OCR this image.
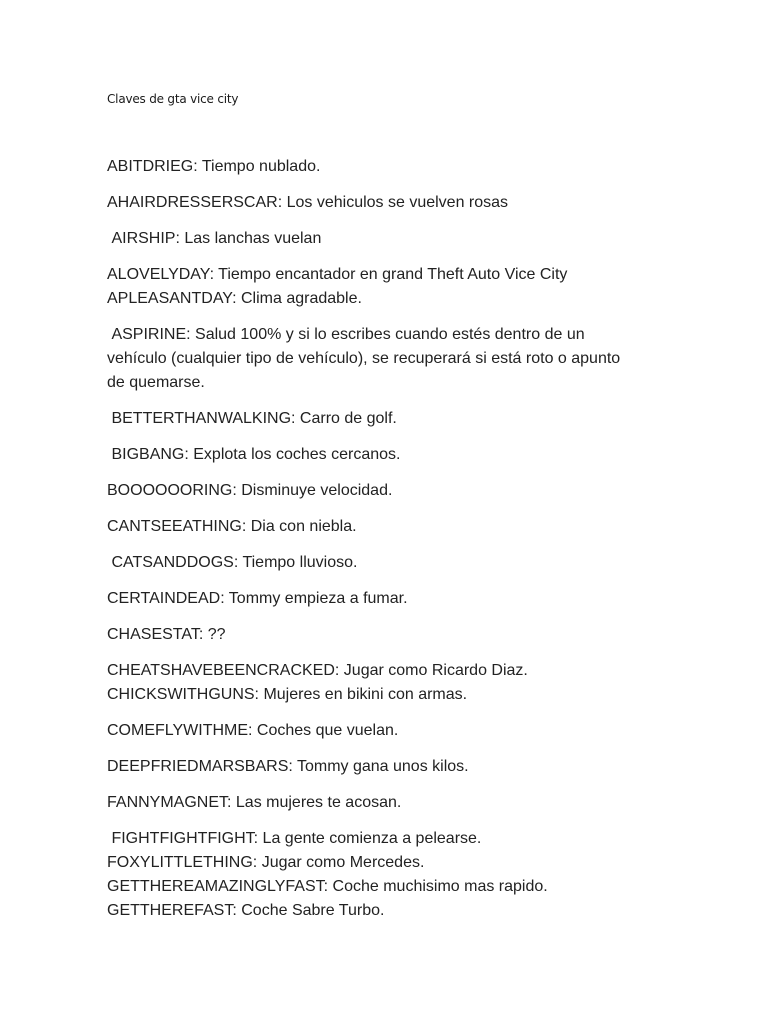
Claves de gta vice city
ABITDRIEG: Tiempo nublado.
AHAIRDRESSERSCAR: Los vehiculos se vuelven rosas
AIRSHIP: Las lanchas vuelan
ALOVELYDAY: Tiempo encantador en grand Theft Auto Vice City
APLEASANTDAY: Clima agradable.
ASPIRINE: Salud 100% y si lo escribes cuando estés dentro de un
vehículo (cualquier tipo de vehículo), se recuperará si está roto o apunto
de quemarse.
BETTERTHANWALKING: Carro de golf.
BIGBANG: Explota los coches cercanos.
BOOOOOORING: Disminuye velocidad.
CANTSEEATHING: Dia con niebla.
CATSANDDOGS: Tiempo lluvioso.
CERTAINDEAD: Tommy empieza a fumar.
CHASESTAT: ??
CHEATSHAVEBEENCRACKED: Jugar como Ricardo Diaz.
CHICKSWITHGUNS: Mujeres en bikini con armas.
COMEFLYWITHME: Coches que vuelan.
DEEPFRIEDMARSBARS: Tommy gana unos kilos.
FANNYMAGNET: Las mujeres te acosan.
FIGHTFIGHTFIGHT: La gente comienza a pelearse.
FOXYLITTLETHING: Jugar como Mercedes.
GETTHEREAMAZINGLYFAST: Coche muchisimo mas rapido.
GETTHEREFAST: Coche Sabre Turbo.
